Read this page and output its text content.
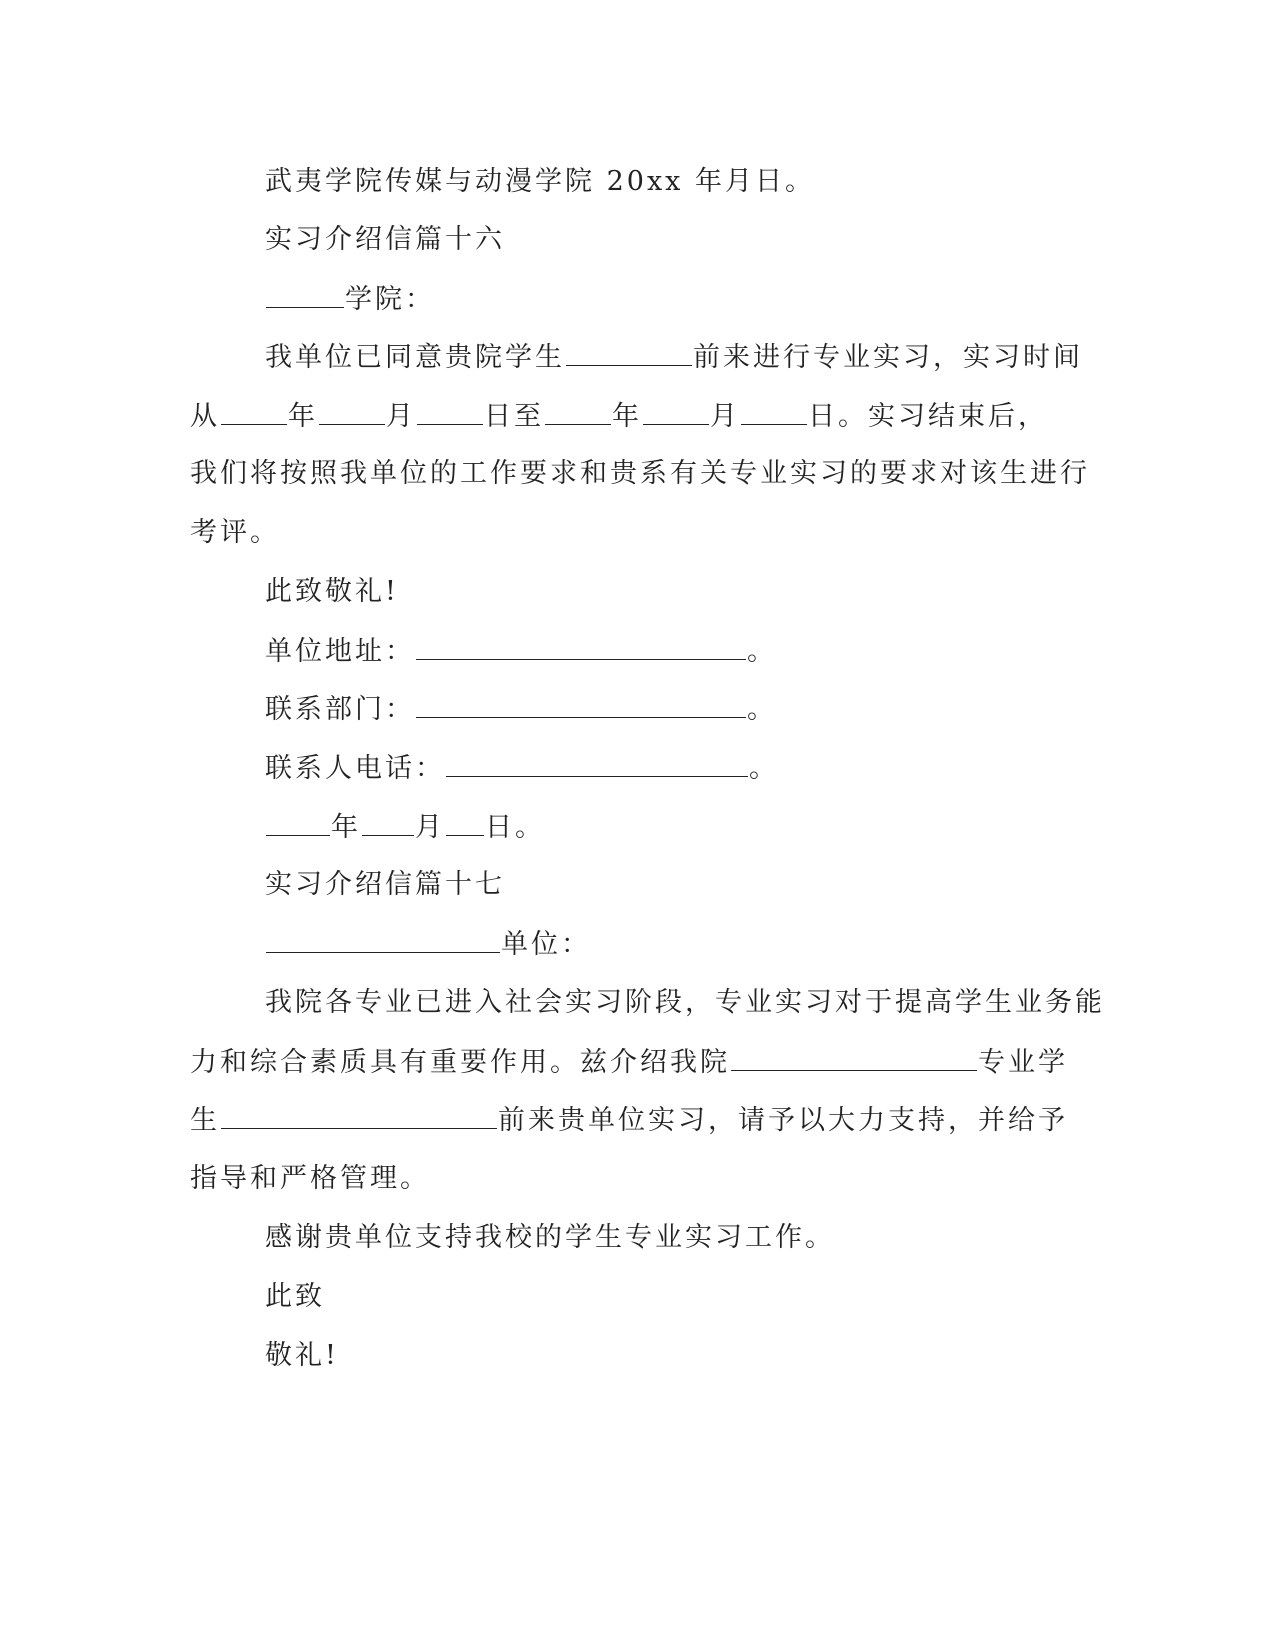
武夷学院传媒与动漫学院 20xx 年月日。
实习介绍信篇十六
学院：
我单位已同意贵院学生	前来进行专业实习，实习时间
从	年	月	日至	年	月	日。实习结束后，
我们将按照我单位的工作要求和贵系有关专业实习的要求对该生进行
考评。
此致敬礼!
单位地址：	。
联系部门：	。
联系人电话：	。
年 月 日。
实习介绍信篇十七
单位：
我院各专业已进入社会实习阶段，专业实习对于提高学生业务能
力和综合素质具有重要作用。兹介绍我院	专业学
生	前来贵单位实习，请予以大力支持，并给予
指导和严格管理。
感谢贵单位支持我校的学生专业实习工作。
此致
敬礼!
